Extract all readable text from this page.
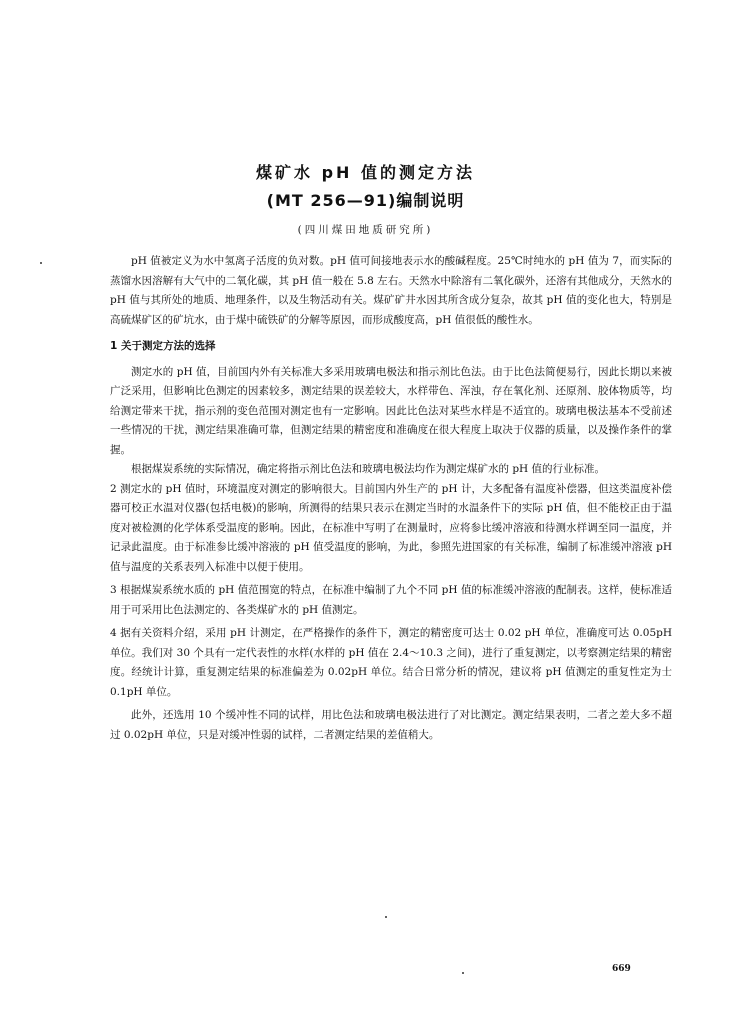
煤矿水 pH 值的测定方法
(MT 256—91)编制说明
(四川煤田地质研究所)

pH 值被定义为水中氢离子活度的负对数。pH 值可间接地表示水的酸碱程度。25℃时纯水的 pH 值为 7，而实际的蒸馏水因溶解有大气中的二氧化碳，其 pH 值一般在 5.8 左右。天然水中除溶有二氧化碳外，还溶有其他成分，天然水的 pH 值与其所处的地质、地理条件，以及生物活动有关。煤矿矿井水因其所含成分复杂，故其 pH 值的变化也大，特别是高硫煤矿区的矿坑水，由于煤中硫铁矿的分解等原因，而形成酸度高，pH 值很低的酸性水。

1 关于测定方法的选择

测定水的 pH 值，目前国内外有关标准大多采用玻璃电极法和指示剂比色法。由于比色法简便易行，因此长期以来被广泛采用，但影响比色测定的因素较多，测定结果的误差较大，水样带色、浑浊，存在氧化剂、还原剂、胶体物质等，均给测定带来干扰，指示剂的变色范围对测定也有一定影响。因此比色法对某些水样是不适宜的。玻璃电极法基本不受前述一些情况的干扰，测定结果准确可靠，但测定结果的精密度和准确度在很大程度上取决于仪器的质量，以及操作条件的掌握。

根据煤炭系统的实际情况，确定将指示剂比色法和玻璃电极法均作为测定煤矿水的 pH 值的行业标准。

2 测定水的 pH 值时，环境温度对测定的影响很大。目前国内外生产的 pH 计，大多配备有温度补偿器，但这类温度补偿器可校正水温对仪器(包括电极)的影响，所测得的结果只表示在测定当时的水温条件下的实际 pH 值，但不能校正由于温度对被检测的化学体系受温度的影响。因此，在标准中写明了在测量时，应将参比缓冲溶液和待测水样调至同一温度，并记录此温度。由于标准参比缓冲溶液的 pH 值受温度的影响，为此，参照先进国家的有关标准，编制了标准缓冲溶液 pH 值与温度的关系表列入标准中以便于使用。

3 根据煤炭系统水质的 pH 值范围宽的特点，在标准中编制了九个不同 pH 值的标准缓冲溶液的配制表。这样，使标准适用于可采用比色法测定的、各类煤矿水的 pH 值测定。

4 据有关资料介绍，采用 pH 计测定，在严格操作的条件下，测定的精密度可达士 0.02 pH 单位，准确度可达 0.05pH 单位。我们对 30 个具有一定代表性的水样(水样的 pH 值在 2.4～10.3 之间)，进行了重复测定，以考察测定结果的精密度。经统计计算，重复测定结果的标准偏差为 0.02pH 单位。结合日常分析的情况，建议将 pH 值测定的重复性定为士0.1pH 单位。

此外，还选用 10 个缓冲性不同的试样，用比色法和玻璃电极法进行了对比测定。测定结果表明，二者之差大多不超过 0.02pH 单位，只是对缓冲性弱的试样，二者测定结果的差值稍大。

669
